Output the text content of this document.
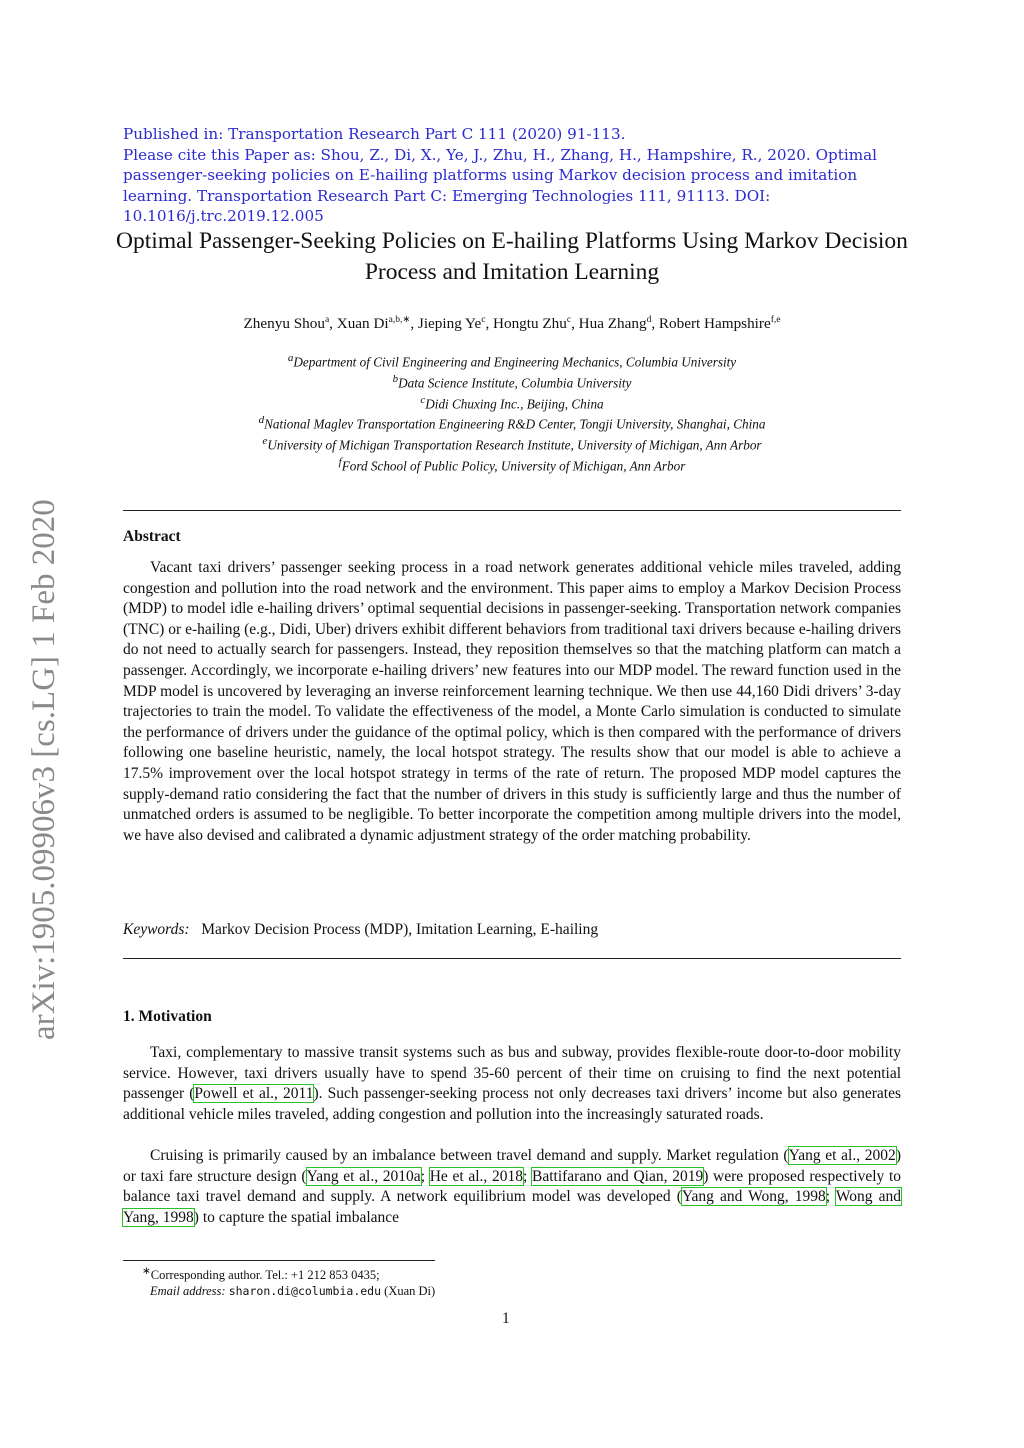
Published in: Transportation Research Part C 111 (2020) 91-113.
Please cite this Paper as: Shou, Z., Di, X., Ye, J., Zhu, H., Zhang, H., Hampshire, R., 2020. Optimal passenger-seeking policies on E-hailing platforms using Markov decision process and imitation learning. Transportation Research Part C: Emerging Technologies 111, 91113. DOI: 10.1016/j.trc.2019.12.005
arXiv:1905.09906v3 [cs.LG] 1 Feb 2020
Optimal Passenger-Seeking Policies on E-hailing Platforms Using Markov Decision Process and Imitation Learning
Zhenyu Shou$^a$, Xuan $Di^{a,b,∗}$, Jieping Ye$^c$, Hongtu Zhu$^c$, Hua Zhang$^d$, Robert Hampshire$^{f,e}$
$^a$Department of Civil Engineering and Engineering Mechanics, Columbia University
$^b$Data Science Institute, Columbia University
$^c$Didi Chuxing Inc., Beijing, China
$^d$National Maglev Transportation Engineering R&D Center, Tongji University, Shanghai, China
$^e$University of Michigan Transportation Research Institute, University of Michigan, Ann Arbor
$^f$Ford School of Public Policy, University of Michigan, Ann Arbor
Abstract
Vacant taxi drivers’ passenger seeking process in a road network generates additional vehicle miles traveled, adding congestion and pollution into the road network and the environment. This paper aims to employ a Markov Decision Process (MDP) to model idle e-hailing drivers’ optimal sequential decisions in passenger-seeking. Transportation network companies (TNC) or e-hailing (e.g., Didi, Uber) drivers exhibit different behaviors from traditional taxi drivers because e-hailing drivers do not need to actually search for passengers. Instead, they reposition themselves so that the matching platform can match a passenger. Accordingly, we incorporate e-hailing drivers’ new features into our MDP model. The reward function used in the MDP model is uncovered by leveraging an inverse reinforcement learning technique. We then use 44,160 Didi drivers’ 3-day trajectories to train the model. To validate the effectiveness of the model, a Monte Carlo simulation is conducted to simulate the performance of drivers under the guidance of the optimal policy, which is then compared with the performance of drivers following one baseline heuristic, namely, the local hotspot strategy. The results show that our model is able to achieve a 17.5% improvement over the local hotspot strategy in terms of the rate of return. The proposed MDP model captures the supply-demand ratio considering the fact that the number of drivers in this study is sufficiently large and thus the number of unmatched orders is assumed to be negligible. To better incorporate the competition among multiple drivers into the model, we have also devised and calibrated a dynamic adjustment strategy of the order matching probability.
Keywords: Markov Decision Process (MDP), Imitation Learning, E-hailing
1. Motivation
Taxi, complementary to massive transit systems such as bus and subway, provides flexible-route door-to-door mobility service. However, taxi drivers usually have to spend 35-60 percent of their time on cruising to find the next potential passenger (Powell et al., 2011). Such passenger-seeking process not only decreases taxi drivers’ income but also generates additional vehicle miles traveled, adding congestion and pollution into the increasingly saturated roads.
Cruising is primarily caused by an imbalance between travel demand and supply. Market regulation (Yang et al., 2002) or taxi fare structure design (Yang et al., 2010a; He et al., 2018; Battifarano and Qian, 2019) were proposed respectively to balance taxi travel demand and supply. A network equilibrium model was developed (Yang and Wong, 1998; Wong and Yang, 1998) to capture the spatial imbalance
∗Corresponding author. Tel.: +1 212 853 0435;
Email address: sharon.di@columbia.edu (Xuan Di)
1
